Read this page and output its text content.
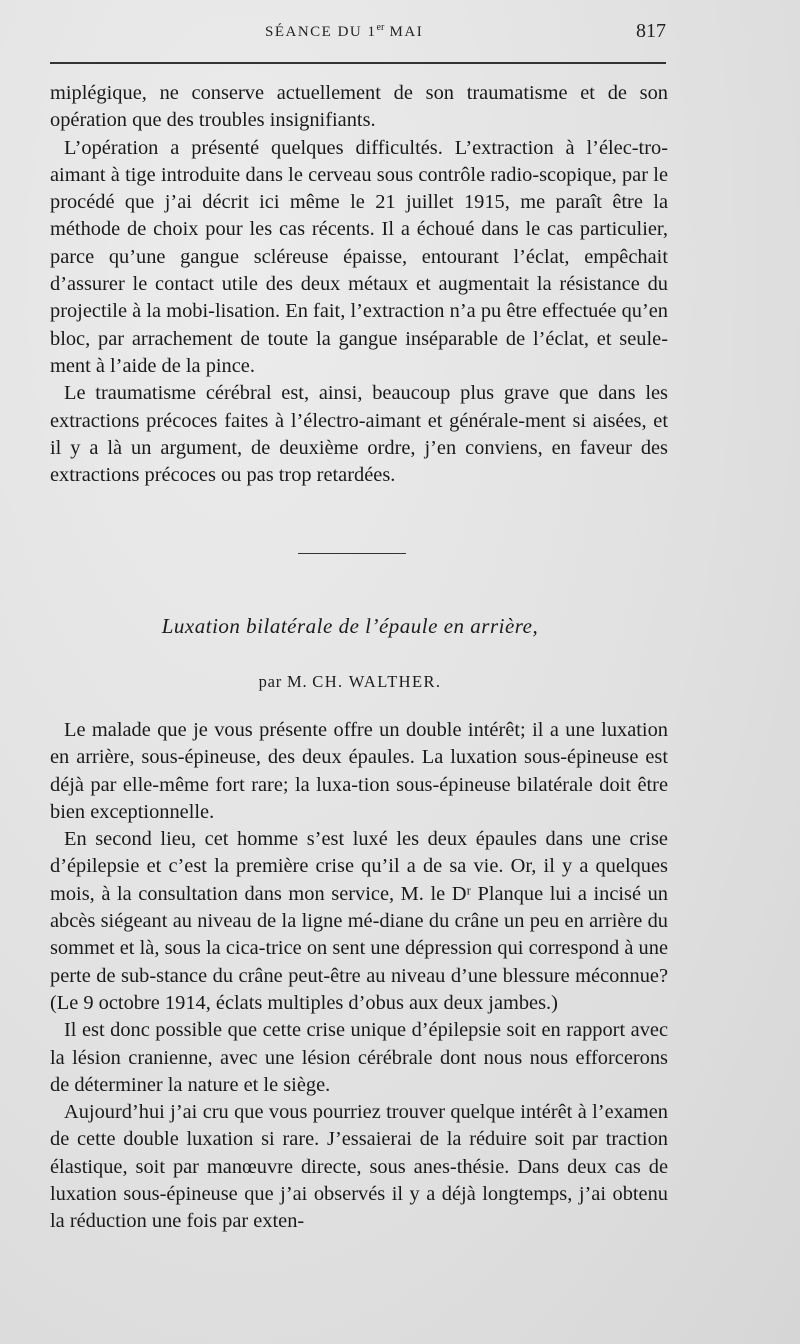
SÉANCE DU 1er MAI	817

miplégique, ne conserve actuellement de son traumatisme et de son opération que des troubles insignifiants.

L’opération a présenté quelques difficultés. L’extraction à l’élec-tro-aimant à tige introduite dans le cerveau sous contrôle radio-scopique, par le procédé que j’ai décrit ici même le 21 juillet 1915, me paraît être la méthode de choix pour les cas récents. Il a échoué dans le cas particulier, parce qu’une gangue scléreuse épaisse, entourant l’éclat, empêchait d’assurer le contact utile des deux métaux et augmentait la résistance du projectile à la mobi-lisation. En fait, l’extraction n’a pu être effectuée qu’en bloc, par arrachement de toute la gangue inséparable de l’éclat, et seule-ment à l’aide de la pince.

Le traumatisme cérébral est, ainsi, beaucoup plus grave que dans les extractions précoces faites à l’électro-aimant et générale-ment si aisées, et il y a là un argument, de deuxième ordre, j’en conviens, en faveur des extractions précoces ou pas trop retardées.

Luxation bilatérale de l’épaule en arrière,
par M. CH. WALTHER.

Le malade que je vous présente offre un double intérêt; il a une luxation en arrière, sous-épineuse, des deux épaules. La luxation sous-épineuse est déjà par elle-même fort rare; la luxa-tion sous-épineuse bilatérale doit être bien exceptionnelle.

En second lieu, cet homme s’est luxé les deux épaules dans une crise d’épilepsie et c’est la première crise qu’il a de sa vie. Or, il y a quelques mois, à la consultation dans mon service, M. le Dʳ Planque lui a incisé un abcès siégeant au niveau de la ligne mé-diane du crâne un peu en arrière du sommet et là, sous la cica-trice on sent une dépression qui correspond à une perte de sub-stance du crâne peut-être au niveau d’une blessure méconnue? (Le 9 octobre 1914, éclats multiples d’obus aux deux jambes.)

Il est donc possible que cette crise unique d’épilepsie soit en rapport avec la lésion cranienne, avec une lésion cérébrale dont nous nous efforcerons de déterminer la nature et le siège.

Aujourd’hui j’ai cru que vous pourriez trouver quelque intérêt à l’examen de cette double luxation si rare. J’essaierai de la réduire soit par traction élastique, soit par manœuvre directe, sous anes-thésie. Dans deux cas de luxation sous-épineuse que j’ai observés il y a déjà longtemps, j’ai obtenu la réduction une fois par exten-
